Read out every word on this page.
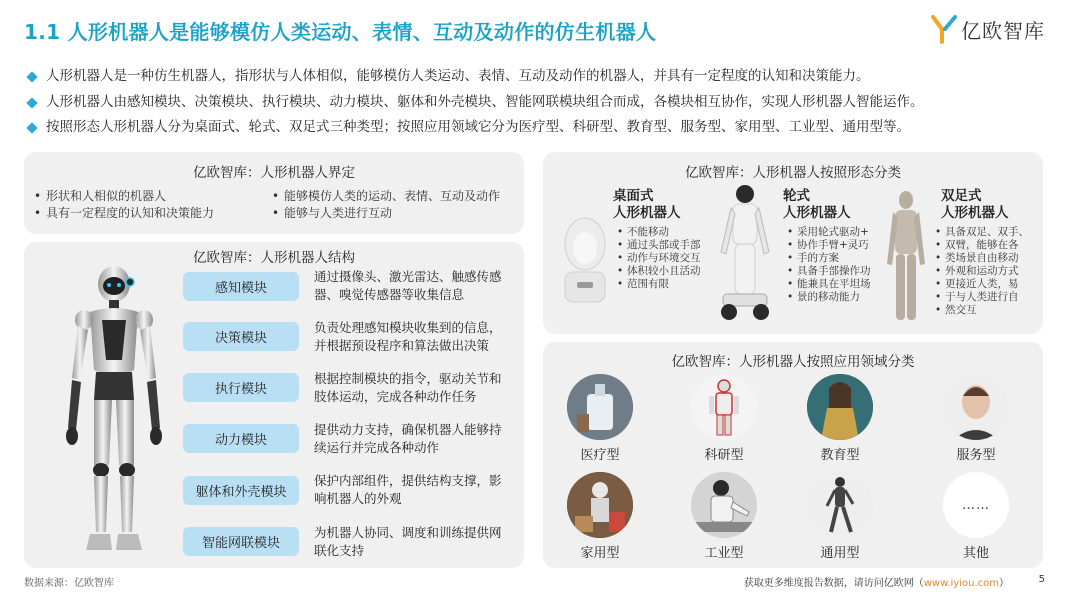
1.1 人形机器人是能够模仿人类运动、表情、互动及动作的仿生机器人	亿欧智库
人形机器人是一种仿生机器人，指形状与人体相似，能够模仿人类运动、表情、互动及动作的机器人，并具有一定程度的认知和决策能力。
人形机器人由感知模块、决策模块、执行模块、动力模块、躯体和外壳模块、智能网联模块组合而成，各模块相互协作，实现人形机器人智能运作。
按照形态人形机器人分为桌面式、轮式、双足式三种类型；按照应用领域它分为医疗型、科研型、教育型、服务型、家用型、工业型、通用型等。
亿欧智库：人形机器人界定
• 形状和人相似的机器人
• 具有一定程度的认知和决策能力
• 能够模仿人类的运动、表情、互动及动作
• 能够与人类进行互动
亿欧智库：人形机器人结构
感知模块
通过摄像头、激光雷达、触感传感器、嗅觉传感器等收集信息
决策模块
负责处理感知模块收集到的信息，并根据预设程序和算法做出决策
执行模块
根据控制模块的指令，驱动关节和肢体运动，完成各种动作任务
动力模块
提供动力支持，确保机器人能够持续运行并完成各种动作
躯体和外壳模块
保护内部组件，提供结构支撑，影响机器人的外观
智能网联模块
为机器人协同、调度和训练提供网联化支持
亿欧智库：人形机器人按照形态分类
桌面式
人形机器人
• 不能移动
• 通过头部或手部
• 动作与环境交互
• 体积较小且活动
• 范围有限
轮式
人形机器人
• 采用轮式驱动+
• 协作手臂+灵巧
• 手的方案
• 具备手部操作功
• 能兼具在平坦场
• 景的移动能力
双足式
人形机器人
• 具备双足、双手、
• 双臂，能够在各
• 类场景自由移动
• 外观和运动方式
• 更接近人类，易
• 于与人类进行自
• 然交互
亿欧智库：人形机器人按照应用领域分类
医疗型	科研型	教育型	服务型
家用型	工业型	通用型
……
其他
数据来源：亿欧智库	获取更多维度报告数据，请访问亿欧网（www.iyiou.com）	5
